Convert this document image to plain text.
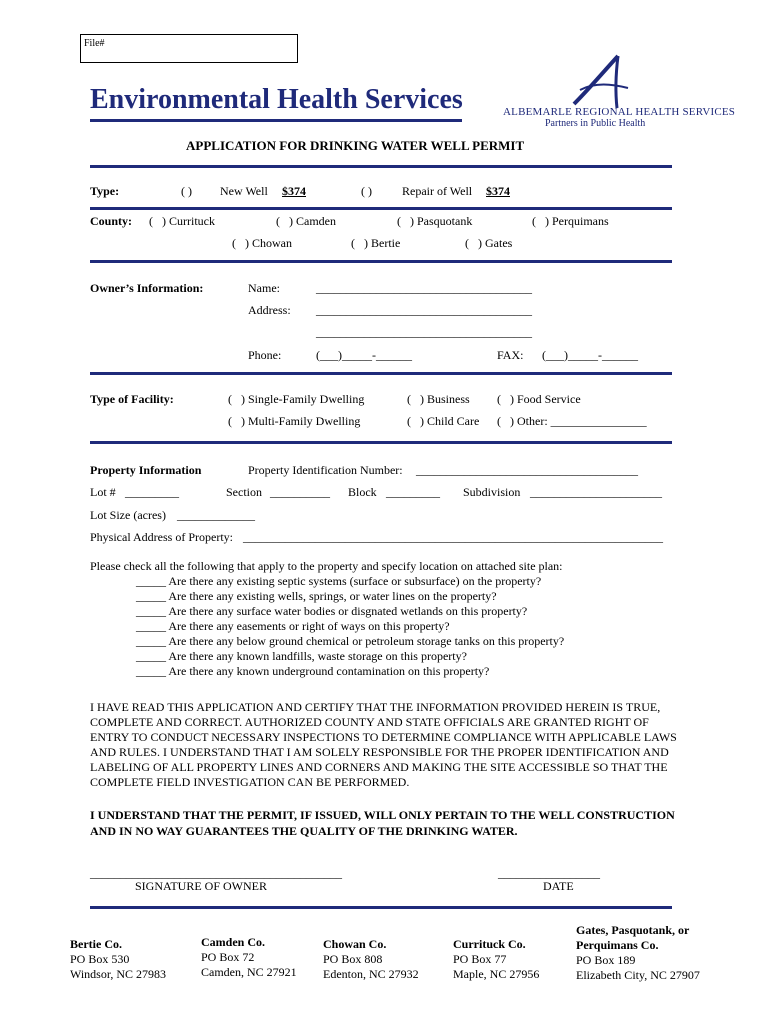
File#
Environmental Health Services	ALBEMARLE REGIONAL HEALTH SERVICES
Partners in Public Health
APPLICATION FOR DRINKING WATER WELL PERMIT
Type:	( ) New Well $374	( )	Repair of Well $374
County: (   ) Currituck	(   ) Camden	(   ) Pasquotank	(   ) Perquimans
(   ) Chowan	(   ) Bertie	(   ) Gates
Owner’s Information:	Name:	____________________________________
Address: ____________________________________
____________________________________
Phone:	(___)_____-______	FAX: (___)_____-______
Type of Facility:	(   ) Single-Family Dwelling	(   ) Business (   ) Food Service
(   ) Multi-Family Dwelling	(   ) Child Care (   ) Other: ________________
Property Information	Property Identification Number: _____________________________________
Lot # _________	Section __________ Block _________ Subdivision ______________________
Lot Size (acres) _____________
Physical Address of Property: ______________________________________________________________________
Please check all the following that apply to the property and specify location on attached site plan:
_____ Are there any existing septic systems (surface or subsurface) on the property?
_____ Are there any existing wells, springs, or water lines on the property?
_____ Are there any surface water bodies or disgnated wetlands on this property?
_____ Are there any easements or right of ways on this property?
_____ Are there any below ground chemical or petroleum storage tanks on this property?
_____ Are there any known landfills, waste storage on this property?
_____ Are there any known underground contamination on this property?
I HAVE READ THIS APPLICATION AND CERTIFY THAT THE INFORMATION PROVIDED HEREIN IS TRUE, COMPLETE AND CORRECT. AUTHORIZED COUNTY AND STATE OFFICIALS ARE GRANTED RIGHT OF ENTRY TO CONDUCT NECESSARY INSPECTIONS TO DETERMINE COMPLIANCE WITH APPLICABLE LAWS AND RULES. I UNDERSTAND THAT I AM SOLELY RESPONSIBLE FOR THE PROPER IDENTIFICATION AND LABELING OF ALL PROPERTY LINES AND CORNERS AND MAKING THE SITE ACCESSIBLE SO THAT THE COMPLETE FIELD INVESTIGATION CAN BE PERFORMED.
I UNDERSTAND THAT THE PERMIT, IF ISSUED, WILL ONLY PERTAIN TO THE WELL CONSTRUCTION AND IN NO WAY GUARANTEES THE QUALITY OF THE DRINKING WATER.
__________________________________________
SIGNATURE OF OWNER
_________________
DATE
Bertie Co.
PO Box 530
Windsor, NC 27983
Camden Co.
PO Box 72
Camden, NC 27921
Chowan Co.
PO Box 808
Edenton, NC 27932
Currituck Co.
PO Box 77
Maple, NC 27956
Gates, Pasquotank, or
Perquimans Co.
PO Box 189
Elizabeth City, NC 27907
